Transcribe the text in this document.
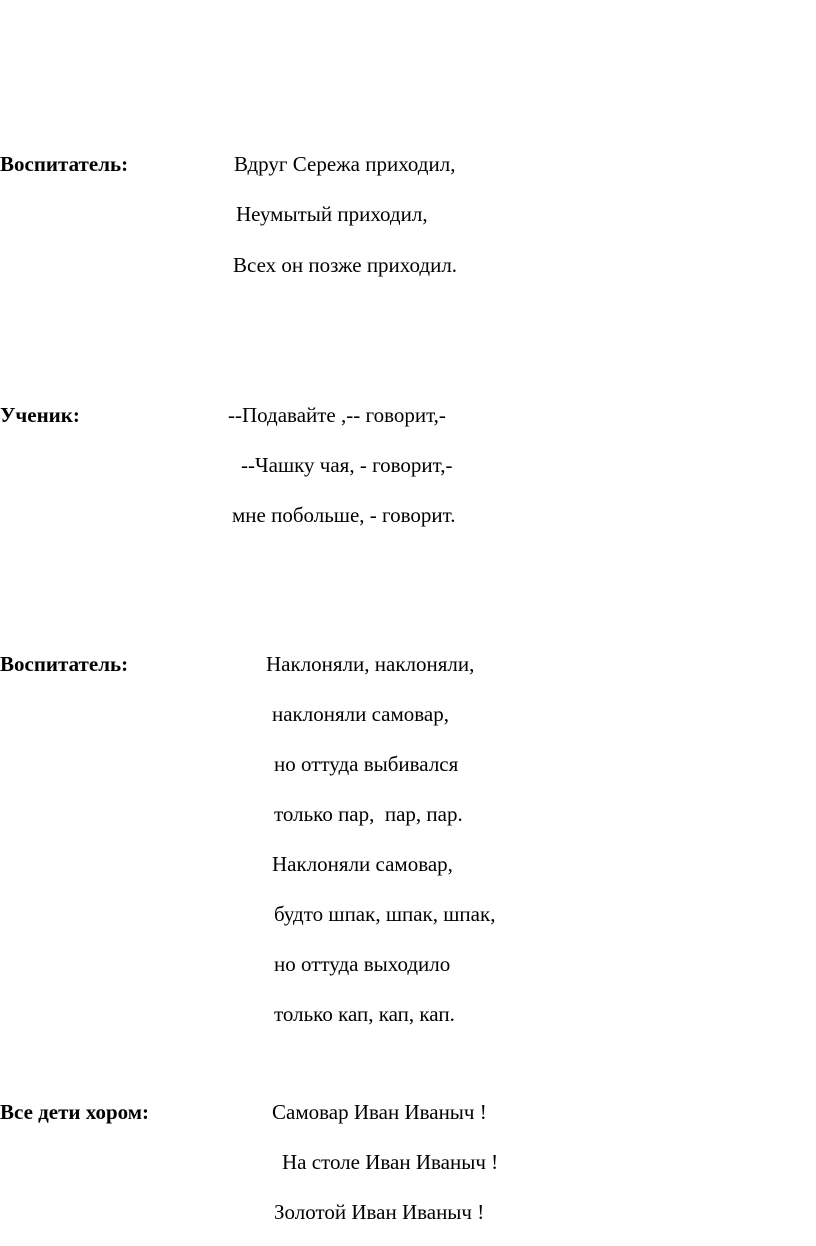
Воспитатель:	Вдруг Сережа приходил,
Неумытый приходил,
Всех он позже приходил.
Ученик:	--Подавайте ,-- говорит,-
--Чашку чая, - говорит,-
мне побольше, - говорит.
Воспитатель:	Наклоняли, наклоняли,
наклоняли самовар,
но оттуда выбивался
только пар,  пар, пар.
Наклоняли самовар,
будто шпак, шпак, шпак,
но оттуда выходило
только кап, кап, кап.
Все дети хором:	Самовар Иван Иваныч !
На столе Иван Иваныч !
Золотой Иван Иваныч !
